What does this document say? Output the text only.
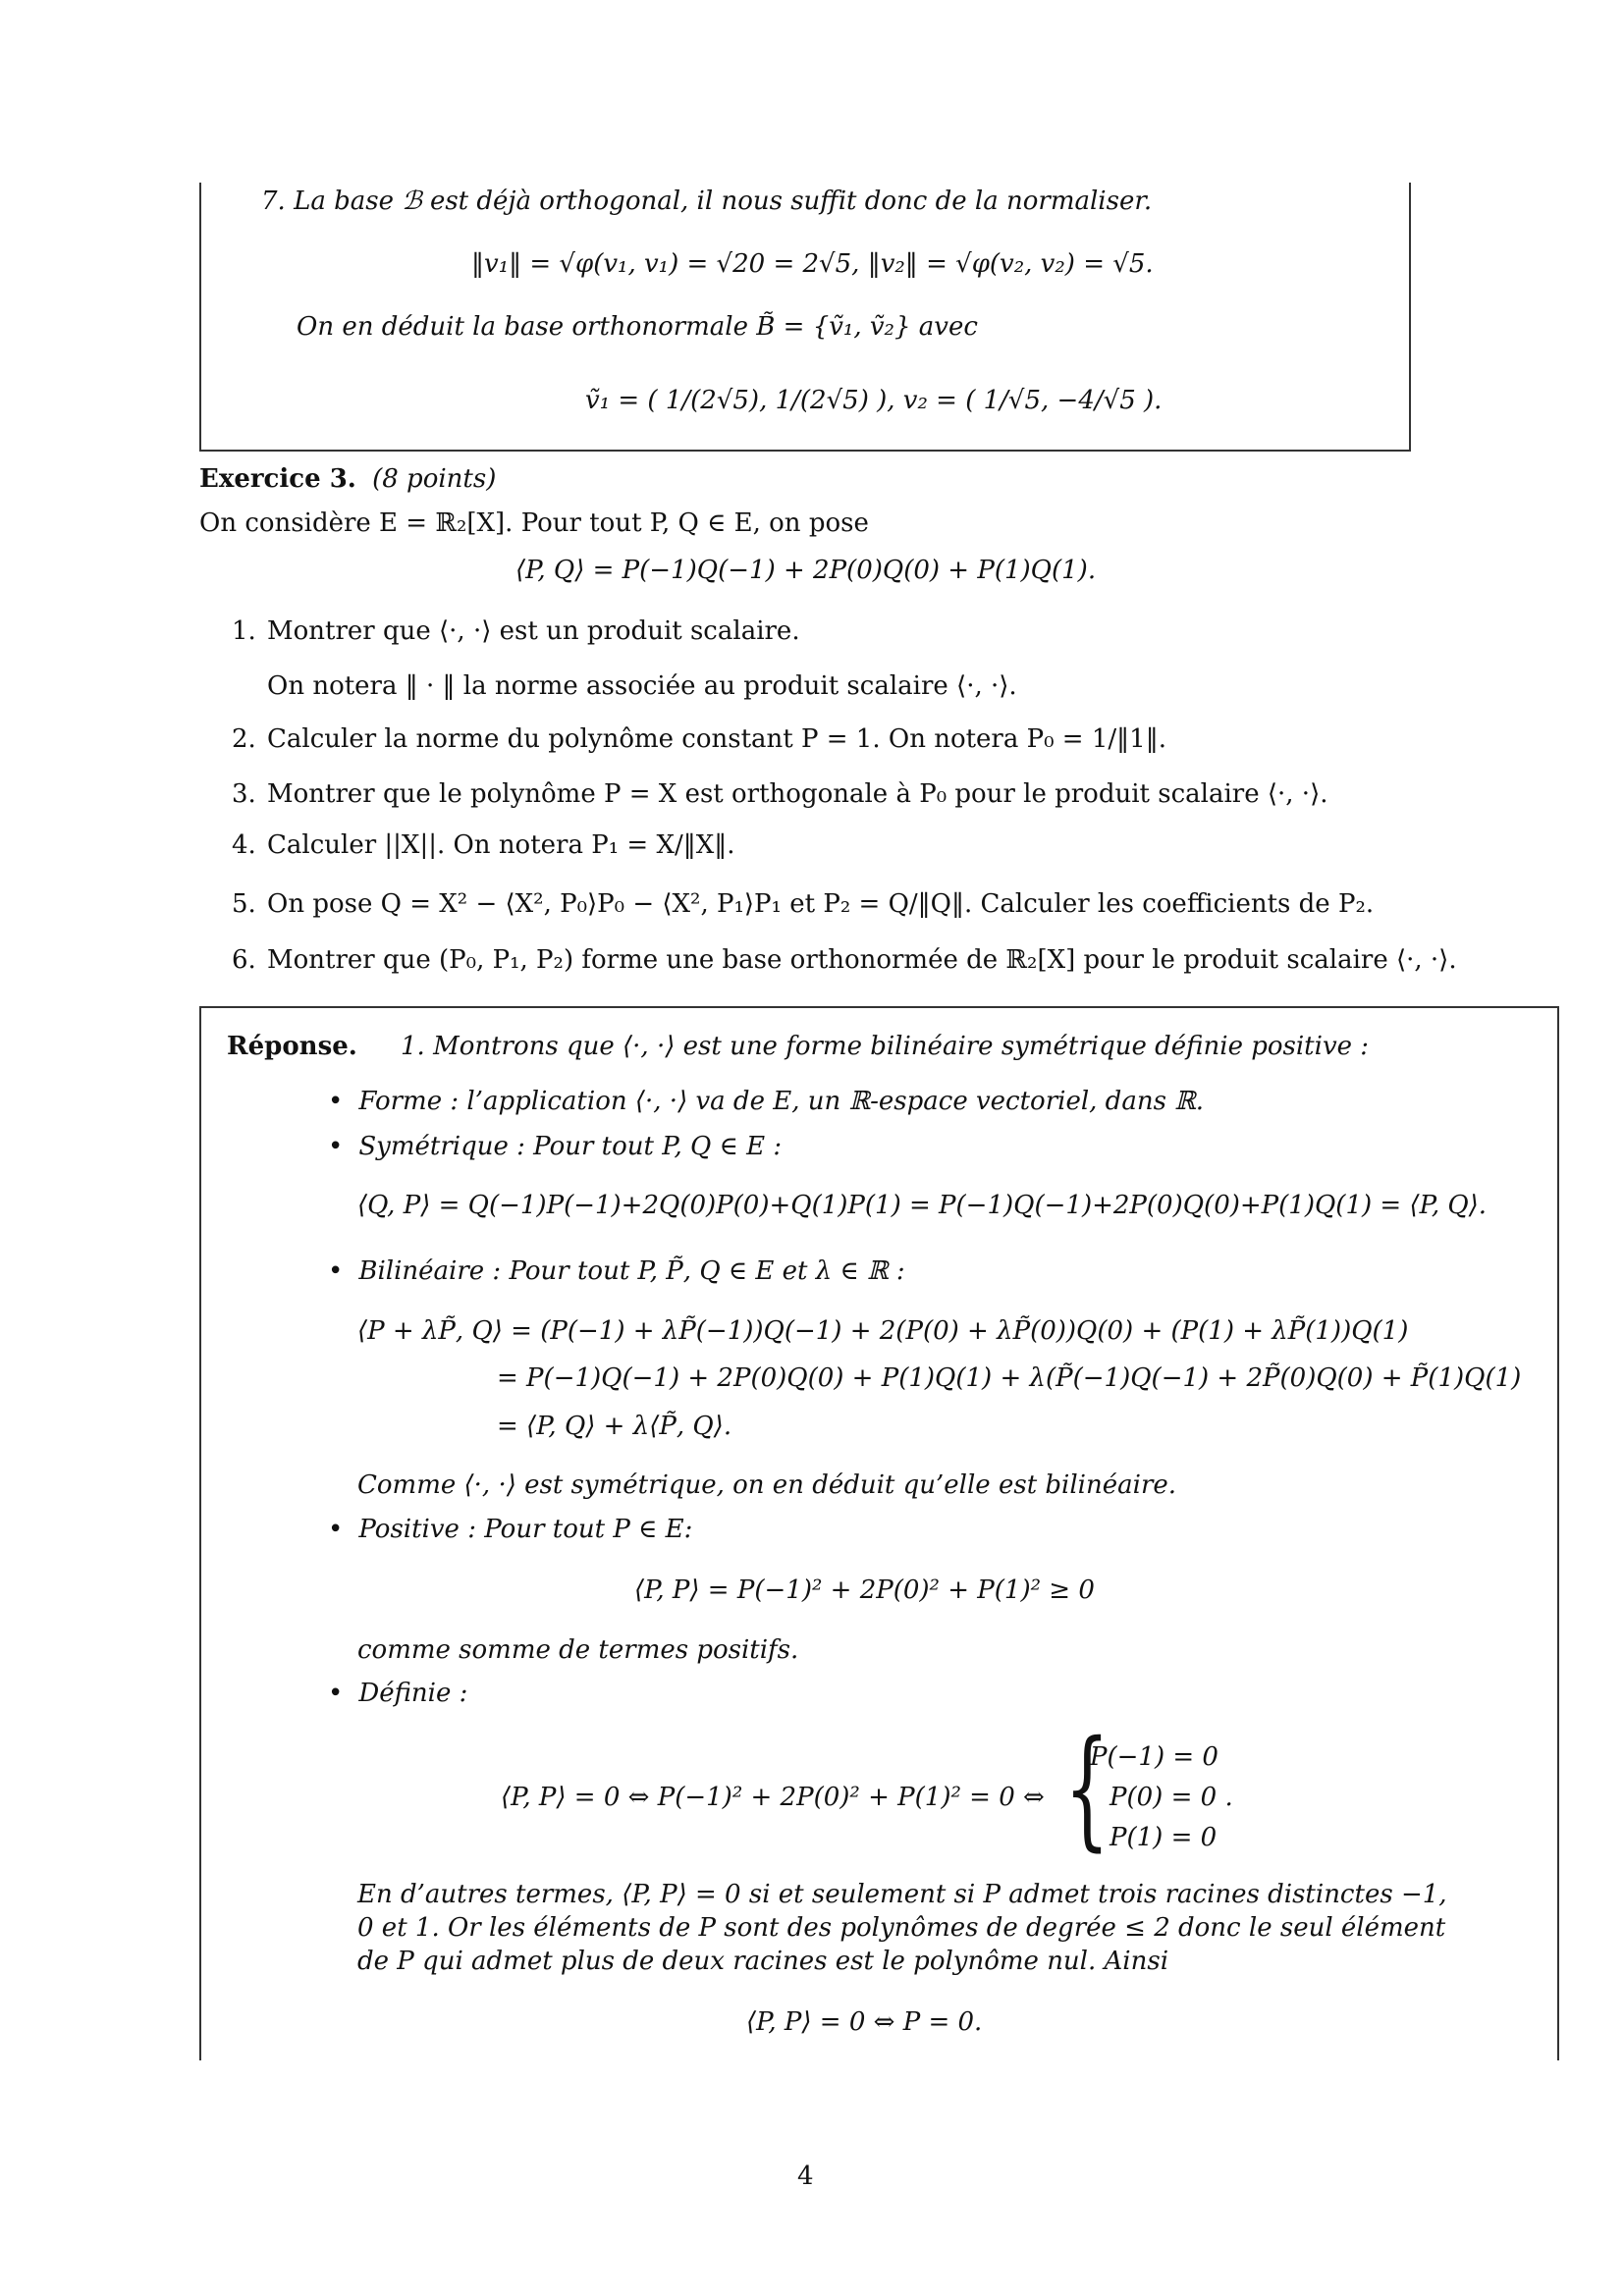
7. La base ℬ est déjà orthogonal, il nous suffit donc de la normaliser.
‖v₁‖ = √φ(v₁, v₁) = √20 = 2√5, ‖v₂‖ = √φ(v₂, v₂) = √5.
On en déduit la base orthonormale B̃ = {ṽ₁, ṽ₂} avec
ṽ₁ = ( 1/(2√5), 1/(2√5) ), v₂ = ( 1/√5, −4/√5 ).
Exercice 3. (8 points)
On considère E = ℝ₂[X]. Pour tout P, Q ∈ E, on pose
⟨P, Q⟩ = P(−1)Q(−1) + 2P(0)Q(0) + P(1)Q(1).
1. Montrer que ⟨·, ·⟩ est un produit scalaire.
On notera ‖ · ‖ la norme associée au produit scalaire ⟨·, ·⟩.
2. Calculer la norme du polynôme constant P = 1. On notera P₀ = 1/‖1‖.
3. Montrer que le polynôme P = X est orthogonale à P₀ pour le produit scalaire ⟨·, ·⟩.
4. Calculer ||X||. On notera P₁ = X/‖X‖.
5. On pose Q = X² − ⟨X², P₀⟩P₀ − ⟨X², P₁⟩P₁ et P₂ = Q/‖Q‖. Calculer les coefficients de P₂.
6. Montrer que (P₀, P₁, P₂) forme une base orthonormée de ℝ₂[X] pour le produit scalaire ⟨·, ·⟩.
Réponse. 1. Montrons que ⟨·, ·⟩ est une forme bilinéaire symétrique définie positive :
• Forme : l’application ⟨·, ·⟩ va de E, un ℝ-espace vectoriel, dans ℝ.
• Symétrique : Pour tout P, Q ∈ E :
⟨Q, P⟩ = Q(−1)P(−1)+2Q(0)P(0)+Q(1)P(1) = P(−1)Q(−1)+2P(0)Q(0)+P(1)Q(1) = ⟨P, Q⟩.
• Bilinéaire : Pour tout P, P̃, Q ∈ E et λ ∈ ℝ :
⟨P + λP̃, Q⟩ = (P(−1) + λP̃(−1))Q(−1) + 2(P(0) + λP̃(0))Q(0) + (P(1) + λP̃(1))Q(1)
= P(−1)Q(−1) + 2P(0)Q(0) + P(1)Q(1) + λ(P̃(−1)Q(−1) + 2P̃(0)Q(0) + P̃(1)Q(1)
= ⟨P, Q⟩ + λ⟨P̃, Q⟩.
Comme ⟨·, ·⟩ est symétrique, on en déduit qu’elle est bilinéaire.
• Positive : Pour tout P ∈ E:
⟨P, P⟩ = P(−1)² + 2P(0)² + P(1)² ≥ 0
comme somme de termes positifs.
• Définie :
⟨P, P⟩ = 0 ⇔ P(−1)² + 2P(0)² + P(1)² = 0 ⇔ {
P(−1) = 0
P(0) = 0 .
P(1) = 0
En d’autres termes, ⟨P, P⟩ = 0 si et seulement si P admet trois racines distinctes −1,
0 et 1. Or les éléments de P sont des polynômes de degrée ≤ 2 donc le seul élément
de P qui admet plus de deux racines est le polynôme nul. Ainsi
⟨P, P⟩ = 0 ⇔ P = 0.
4
